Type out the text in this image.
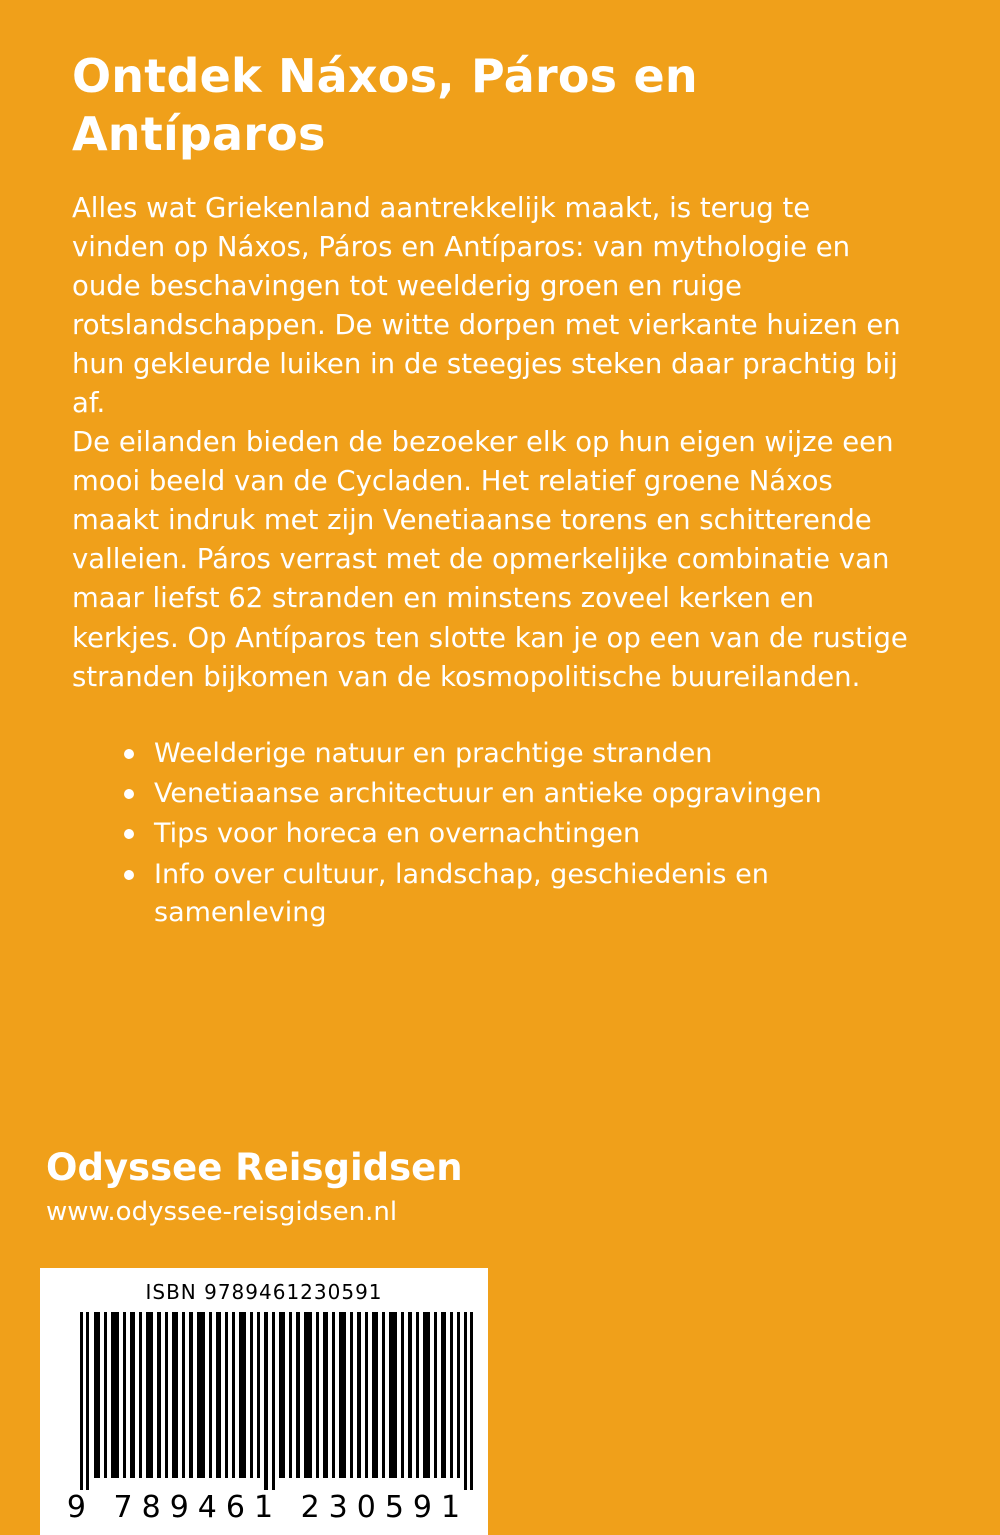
Ontdek Náxos, Páros en Antíparos

Alles wat Griekenland aantrekkelijk maakt, is terug te vinden op Náxos, Páros en Antíparos: van mythologie en oude beschavingen tot weelderig groen en ruige rotslandschappen. De witte dorpen met vierkante huizen en hun gekleurde luiken in de steegjes steken daar prachtig bij af.

De eilanden bieden de bezoeker elk op hun eigen wijze een mooi beeld van de Cycladen. Het relatief groene Náxos maakt indruk met zijn Venetiaanse torens en schitterende valleien. Páros verrast met de opmerkelijke combinatie van maar liefst 62 stranden en minstens zoveel kerken en kerkjes. Op Antíparos ten slotte kan je op een van de rustige stranden bijkomen van de kosmopolitische buureilanden.

Weelderige natuur en prachtige stranden
Venetiaanse architectuur en antieke opgravingen
Tips voor horeca en overnachtingen
Info over cultuur, landschap, geschiedenis en samenleving
Odyssee Reisgidsen
www.odyssee-reisgidsen.nl
ISBN 9789461230591
9 789461 230591
